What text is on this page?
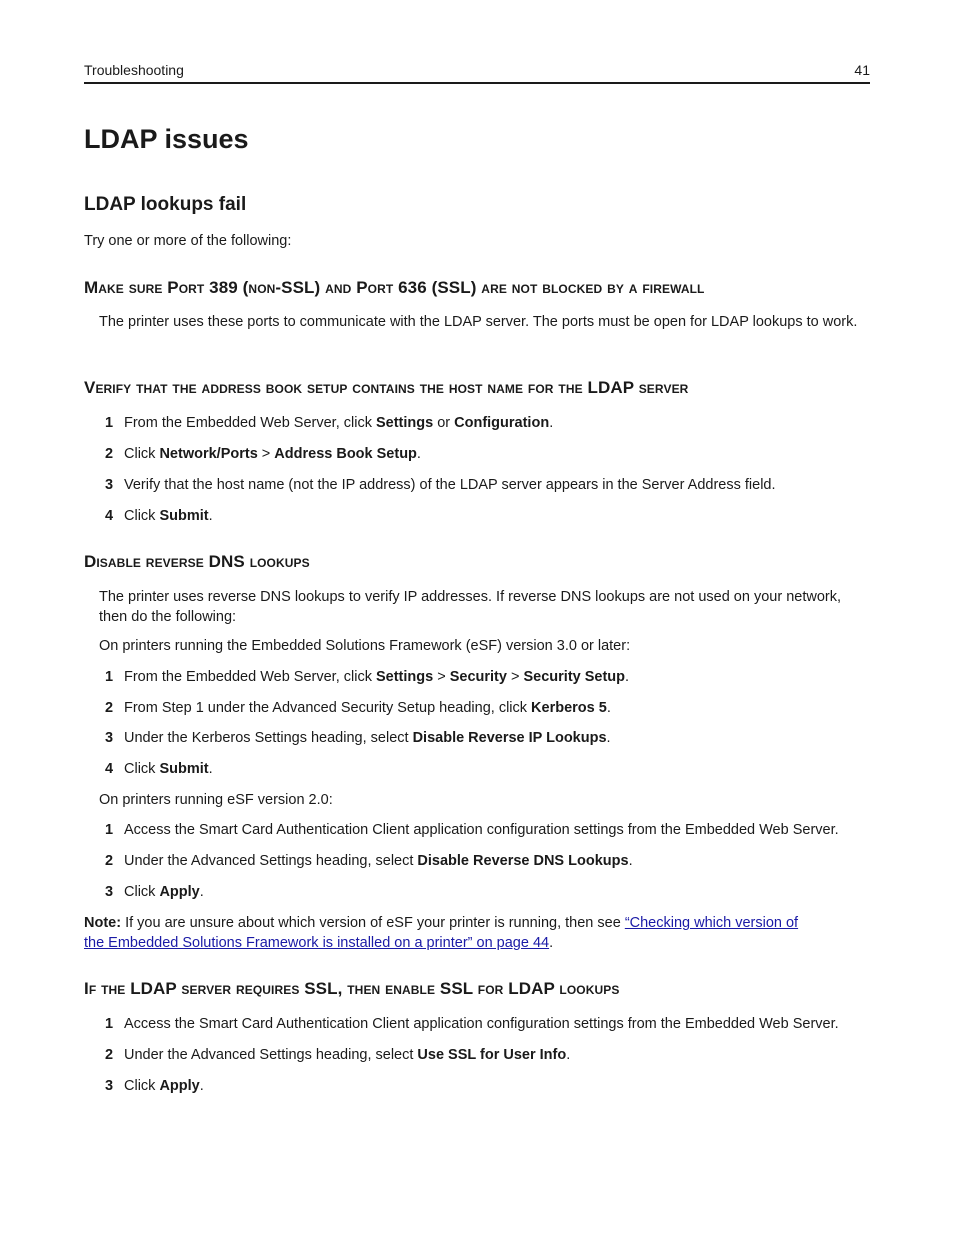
Troubleshooting	41
LDAP issues
LDAP lookups fail
Try one or more of the following:
Make sure Port 389 (non-SSL) and Port 636 (SSL) are not blocked by a firewall
The printer uses these ports to communicate with the LDAP server. The ports must be open for LDAP lookups to work.
Verify that the address book setup contains the host name for the LDAP server
1 From the Embedded Web Server, click Settings or Configuration.
2 Click Network/Ports > Address Book Setup.
3 Verify that the host name (not the IP address) of the LDAP server appears in the Server Address field.
4 Click Submit.
Disable reverse DNS lookups
The printer uses reverse DNS lookups to verify IP addresses. If reverse DNS lookups are not used on your network, then do the following:
On printers running the Embedded Solutions Framework (eSF) version 3.0 or later:
1 From the Embedded Web Server, click Settings > Security > Security Setup.
2 From Step 1 under the Advanced Security Setup heading, click Kerberos 5.
3 Under the Kerberos Settings heading, select Disable Reverse IP Lookups.
4 Click Submit.
On printers running eSF version 2.0:
1 Access the Smart Card Authentication Client application configuration settings from the Embedded Web Server.
2 Under the Advanced Settings heading, select Disable Reverse DNS Lookups.
3 Click Apply.
Note: If you are unsure about which version of eSF your printer is running, then see “Checking which version of
the Embedded Solutions Framework is installed on a printer” on page 44.
If the LDAP server requires SSL, then enable SSL for LDAP lookups
1 Access the Smart Card Authentication Client application configuration settings from the Embedded Web Server.
2 Under the Advanced Settings heading, select Use SSL for User Info.
3 Click Apply.
